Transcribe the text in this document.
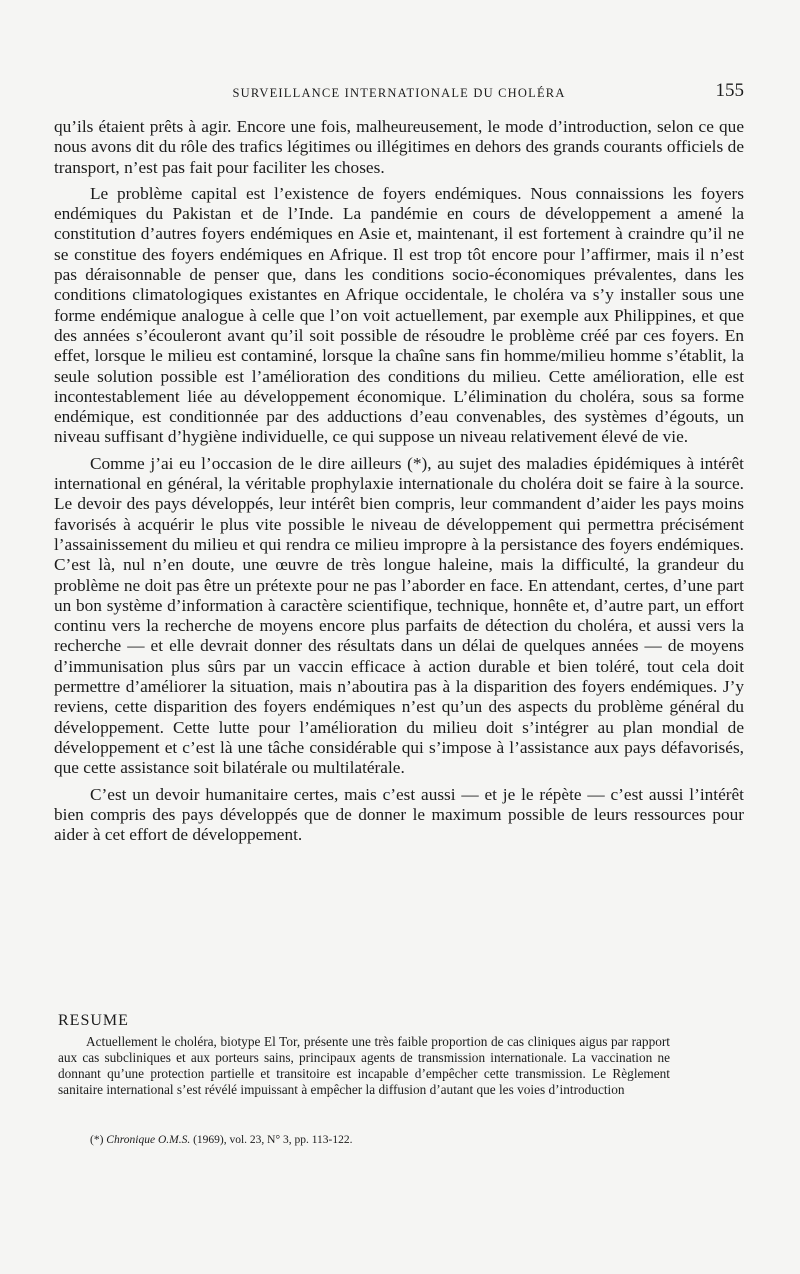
SURVEILLANCE INTERNATIONALE DU CHOLÉRA	155

qu’ils étaient prêts à agir. Encore une fois, malheureusement, le mode d’introduction, selon ce que nous avons dit du rôle des trafics légitimes ou illégitimes en dehors des grands courants officiels de transport, n’est pas fait pour faciliter les choses.

Le problème capital est l’existence de foyers endémiques. Nous connaissions les foyers endémiques du Pakistan et de l’Inde. La pandémie en cours de développement a amené la constitution d’autres foyers endémiques en Asie et, maintenant, il est fortement à craindre qu’il ne se constitue des foyers endémiques en Afrique. Il est trop tôt encore pour l’affirmer, mais il n’est pas déraisonnable de penser que, dans les conditions socio-économiques prévalentes, dans les conditions climatologiques existantes en Afrique occidentale, le choléra va s’y installer sous une forme endémique analogue à celle que l’on voit actuellement, par exemple aux Philippines, et que des années s’écouleront avant qu’il soit possible de résoudre le problème créé par ces foyers. En effet, lorsque le milieu est contaminé, lorsque la chaîne sans fin homme/milieu homme s’établit, la seule solution possible est l’amélioration des conditions du milieu. Cette amélioration, elle est incontestablement liée au développement économique. L’élimination du choléra, sous sa forme endémique, est conditionnée par des adductions d’eau convenables, des systèmes d’égouts, un niveau suffisant d’hygiène individuelle, ce qui suppose un niveau relativement élevé de vie.

Comme j’ai eu l’occasion de le dire ailleurs (*), au sujet des maladies épidémiques à intérêt international en général, la véritable prophylaxie internationale du choléra doit se faire à la source. Le devoir des pays développés, leur intérêt bien compris, leur commandent d’aider les pays moins favorisés à acquérir le plus vite possible le niveau de développement qui permettra précisément l’assainissement du milieu et qui rendra ce milieu impropre à la persistance des foyers endémiques. C’est là, nul n’en doute, une œuvre de très longue haleine, mais la difficulté, la grandeur du problème ne doit pas être un prétexte pour ne pas l’aborder en face. En attendant, certes, d’une part un bon système d’information à caractère scientifique, technique, honnête et, d’autre part, un effort continu vers la recherche de moyens encore plus parfaits de détection du choléra, et aussi vers la recherche — et elle devrait donner des résultats dans un délai de quelques années — de moyens d’immunisation plus sûrs par un vaccin efficace à action durable et bien toléré, tout cela doit permettre d’améliorer la situation, mais n’aboutira pas à la disparition des foyers endémiques. J’y reviens, cette disparition des foyers endémiques n’est qu’un des aspects du problème général du développement. Cette lutte pour l’amélioration du milieu doit s’intégrer au plan mondial de développement et c’est là une tâche considérable qui s’impose à l’assistance aux pays défavorisés, que cette assistance soit bilatérale ou multilatérale.

C’est un devoir humanitaire certes, mais c’est aussi — et je le répète — c’est aussi l’intérêt bien compris des pays développés que de donner le maximum possible de leurs ressources pour aider à cet effort de développement.

RESUME

Actuellement le choléra, biotype El Tor, présente une très faible proportion de cas cliniques aigus par rapport aux cas subcliniques et aux porteurs sains, principaux agents de transmission internationale. La vaccination ne donnant qu’une protection partielle et transitoire est incapable d’empêcher cette transmission. Le Règlement sanitaire international s’est révélé impuissant à empêcher la diffusion d’autant que les voies d’introduction

(*) Chronique O.M.S. (1969), vol. 23, N° 3, pp. 113-122.
